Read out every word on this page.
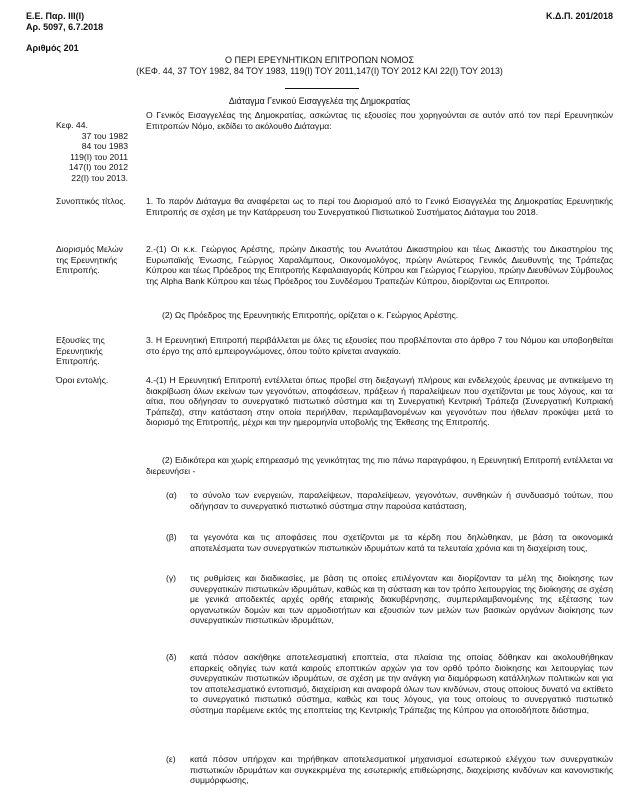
Ε.Ε. Παρ. ΙΙΙ(Ι)
Αρ. 5097, 6.7.2018
Κ.Δ.Π. 201/2018
Αριθμός 201
Ο ΠΕΡΙ ΕΡΕΥΝΗΤΙΚΩΝ ΕΠΙΤΡΟΠΩΝ ΝΟΜΟΣ
(ΚΕΦ. 44, 37 ΤΟΥ 1982, 84 ΤΟΥ 1983, 119(Ι) ΤΟΥ 2011,147(Ι) ΤΟΥ 2012 ΚΑΙ 22(Ι) ΤΟΥ 2013)
Διάταγμα Γενικού Εισαγγελέα της Δημοκρατίας
Κεφ. 44.
37 του 1982
84 του 1983
119(Ι) του 2011
147(Ι) του 2012
22(Ι) του 2013.
Ο Γενικός Εισαγγελέας της Δημοκρατίας, ασκώντας τις εξουσίες που χορηγούνται σε αυτόν από τον περί Ερευνητικών Επιτροπών Νόμο, εκδίδει το ακόλουθο Διάταγμα:
Συνοπτικός τίτλος.	1. Το παρόν Διάταγμα θα αναφέρεται ως το περί του Διορισμού από το Γενικό Εισαγγελέα της Δημοκρατίας Ερευνητικής Επιτροπής σε σχέση με την Κατάρρευση του Συνεργατικού Πιστωτικού Συστήματος Διάταγμα του 2018.
Διορισμός Μελών της Ερευνητικής Επιτροπής.
2.-(1) Οι κ.κ. Γεώργιος Αρέστης, πρώην Δικαστής του Ανωτάτου Δικαστηρίου και τέως Δικαστής του Δικαστηρίου της Ευρωπαϊκής Ένωσης, Γεώργιος Χαραλάμπους, Οικονομολόγος, πρώην Ανώτερος Γενικός Διευθυντής της Τράπεζας Κύπρου και τέως Πρόεδρος της Επιτροπής Κεφαλαιαγοράς Κύπρου και Γεώργιος Γεωργίου, πρώην Διευθύνων Σύμβουλος της Alpha Bank Κύπρου και τέως Πρόεδρος του Συνδέσμου Τραπεζών Κύπρου, διορίζονται ως Επιτροποι.
(2) Ως Πρόεδρος της Ερευνητικής Επιτροπής, ορίζεται ο κ. Γεώργιος Αρέστης.
Εξουσίες της Ερευνητικής Επιτροπής.
3. Η Ερευνητική Επιτροπή περιβάλλεται με όλες τις εξουσίες που προβλέπονται στο άρθρο 7 του Νόμου και υποβοηθείται στο έργο της από εμπειρογνώμονες, όπου τούτο κρίνεται αναγκαίο.
Όροι εντολής.	4.-(1) Η Ερευνητική Επιτροπή εντέλλεται όπως προβεί στη διεξαγωγή πλήρους και ενδελεχούς έρευνας με αντικείμενο τη διακρίβωση όλων εκείνων των γεγονότων, αποφάσεων, πράξεων ή παραλείψεων που σχετίζονται με τους λόγους, και τα αίτια, που οδήγησαν το συνεργατικό πιστωτικό σύστημα και τη Συνεργατική Κεντρική Τράπεζα (Συνεργατική Κυπριακή Τράπεζα), στην κατάσταση στην οποία περιήλθαν, περιλαμβανομένων και γεγονότων που ήθελαν προκύψει μετά το διορισμό της Επιτροπής, μέχρι και την ημερομηνία υποβολής της Έκθεσης της Επιτροπής.
(2) Ειδικότερα και χωρίς επηρεασμό της γενικότητας της πιο πάνω παραγράφου, η Ερευνητική Επιτροπή εντέλλεται να διερευνήσει -
(α) το σύνολο των ενεργειών, παραλείψεων, παραλείψεων, γεγονότων, συνθηκών ή συνδυασμό τούτων, που οδήγησαν το συνεργατικό πιστωτικό σύστημα στην παρούσα κατάσταση,
(β) τα γεγονότα και τις αποφάσεις που σχετίζονται με τα κέρδη που δηλώθηκαν, με βάση τα οικονομικά αποτελέσματα των συνεργατικών πιστωτικών ιδρυμάτων κατά τα τελευταία χρόνια και τη διαχείριση τους,
(γ) τις ρυθμίσεις και διαδικασίες, με βάση τις οποίες επιλέγονταν και διορίζονταν τα μέλη της διοίκησης των συνεργατικών πιστωτικών ιδρυμάτων, καθώς και τη σύσταση και τον τρόπο λειτουργίας της διοίκησης σε σχέση με γενικά αποδεκτές αρχές ορθής εταιρικής διακυβέρνησης, συμπεριλαμβανομένης της εξέτασης των οργανωτικών δομών και των αρμοδιοτήτων και εξουσιών των μελών των βασικών οργάνων διοίκησης των συνεργατικών πιστωτικών ιδρυμάτων,
(δ) κατά πόσον ασκήθηκε αποτελεσματική εποπτεία, στα πλαίσια της οποίας δόθηκαν και ακολουθήθηκαν επαρκείς οδηγίες των κατά καιρούς εποπτικών αρχών για τον ορθό τρόπο διοίκησης και λειτουργίας των συνεργατικών πιστωτικών ιδρυμάτων, σε σχέση με την ανάγκη για διαμόρφωση κατάλληλων πολιτικών και για τον αποτελεσματικό εντοπισμό, διαχείριση και αναφορά όλων των κινδύνων, στους οποίους δυνατό να εκτίθετο το συνεργατικό πιστωτικό σύστημα, καθώς και τους λόγους, για τους οποίους το συνεργατικό πιστωτικό σύστημα παρέμεινε εκτός της εποπτείας της Κεντρικής Τράπεζας της Κύπρου για οποιοδήποτε διάστημα,
(ε) κατά πόσον υπήρχαν και τηρήθηκαν αποτελεσματικοί μηχανισμοί εσωτερικού ελέγχου των συνεργατικών πιστωτικών ιδρυμάτων και συγκεκριμένα της εσωτερικής επιθεώρησης, διαχείρισης κινδύνων και κανονιστικής συμμόρφωσης,
